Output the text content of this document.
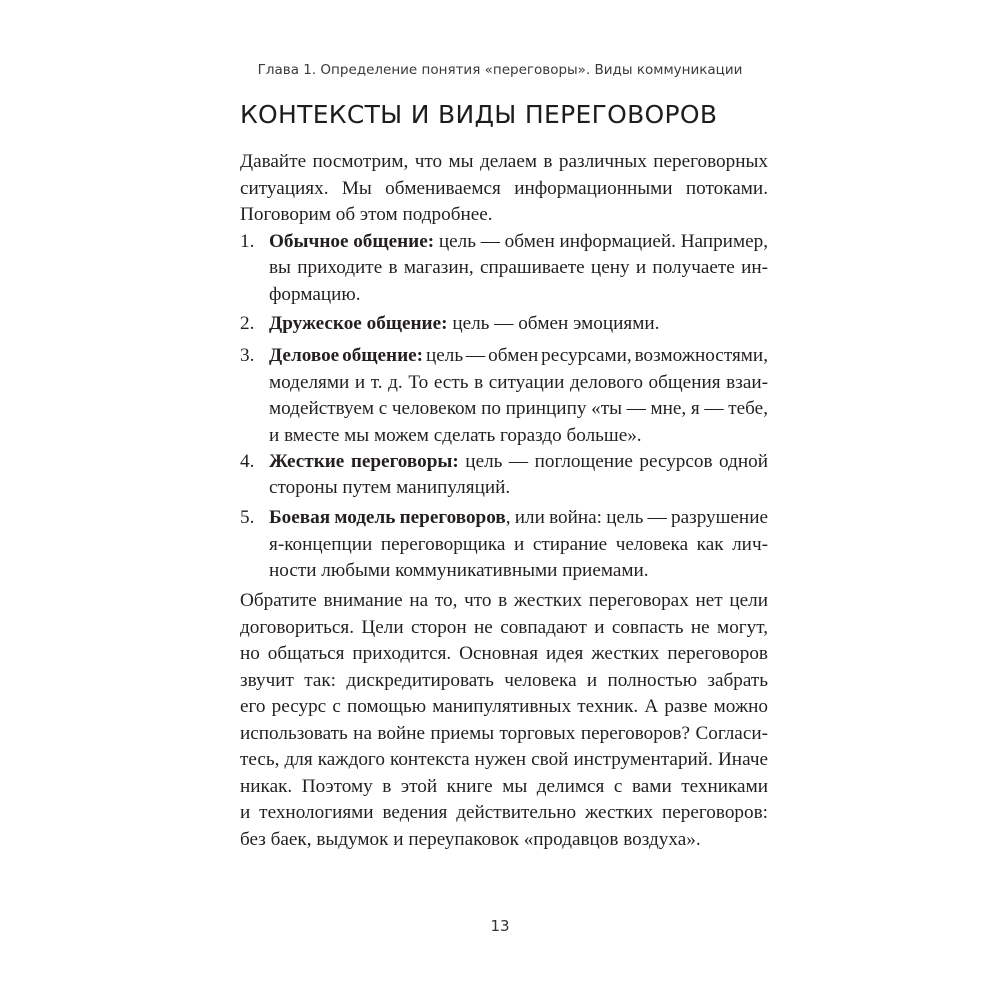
Глава 1. Определение понятия «переговоры». Виды коммуникации
КОНТЕКСТЫ И ВИДЫ ПЕРЕГОВОРОВ
Давайте посмотрим, что мы делаем в различных переговорных
ситуациях. Мы обмениваемся информационными потоками.
Поговорим об этом подробнее.
1. Обычное общение: цель — обмен информацией. Например,
вы приходите в магазин, спрашиваете цену и получаете ин-
формацию.
2. Дружеское общение: цель — обмен эмоциями.
3. Деловое общение: цель — обмен ресурсами, возможностями,
моделями и т. д. То есть в ситуации делового общения взаи-
модействуем с человеком по принципу «ты — мне, я — тебе,
и вместе мы можем сделать гораздо больше».
4. Жесткие переговоры: цель — поглощение ресурсов одной
стороны путем манипуляций.
5. Боевая модель переговоров, или война: цель — разрушение
я-концепции переговорщика и стирание человека как лич-
ности любыми коммуникативными приемами.
Обратите внимание на то, что в жестких переговорах нет цели
договориться. Цели сторон не совпадают и совпасть не могут,
но общаться приходится. Основная идея жестких переговоров
звучит так: дискредитировать человека и полностью забрать
его ресурс с помощью манипулятивных техник. А разве можно
использовать на войне приемы торговых переговоров? Согласи-
тесь, для каждого контекста нужен свой инструментарий. Иначе
никак. Поэтому в этой книге мы делимся с вами техниками
и технологиями ведения действительно жестких переговоров:
без баек, выдумок и переупаковок «продавцов воздуха».
13
